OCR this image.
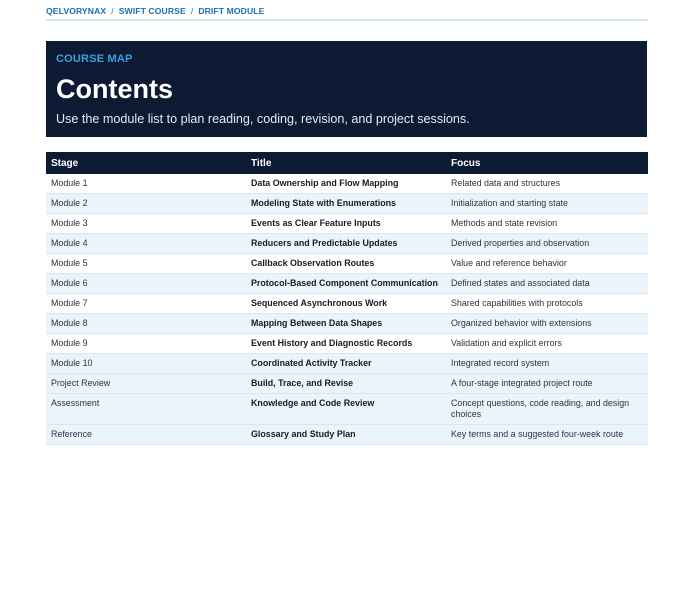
QELVORYNAX / SWIFT COURSE / DRIFT MODULE
COURSE MAP
Contents
Use the module list to plan reading, coding, revision, and project sessions.
Stage	Title	Focus
Module 1	Data Ownership and Flow Mapping	Related data and structures
Module 2	Modeling State with Enumerations	Initialization and starting state
Module 3	Events as Clear Feature Inputs	Methods and state revision
Module 4	Reducers and Predictable Updates	Derived properties and observation
Module 5	Callback Observation Routes	Value and reference behavior
Module 6	Protocol-Based Component Communication	Defined states and associated data
Module 7	Sequenced Asynchronous Work	Shared capabilities with protocols
Module 8	Mapping Between Data Shapes	Organized behavior with extensions
Module 9	Event History and Diagnostic Records	Validation and explicit errors
Module 10	Coordinated Activity Tracker	Integrated record system
Project Review	Build, Trace, and Revise	A four-stage integrated project route
Assessment	Knowledge and Code Review	Concept questions, code reading, and design choices
Reference	Glossary and Study Plan	Key terms and a suggested four-week route
